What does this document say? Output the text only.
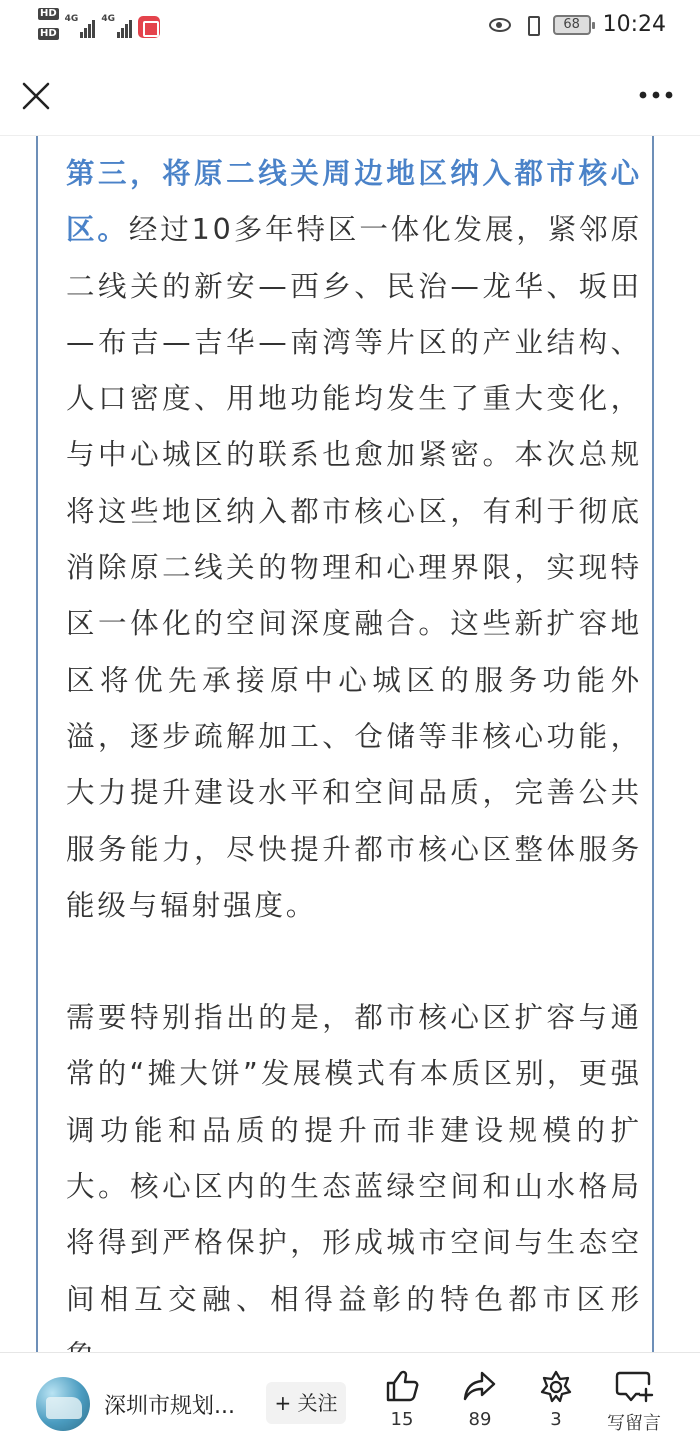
HD
HD
4G	4G	68	10:24

第三，将原二线关周边地区纳入都市核心区。经过10多年特区一体化发展，紧邻原二线关的新安—西乡、民治—龙华、坂田—布吉—吉华—南湾等片区的产业结构、人口密度、用地功能均发生了重大变化，与中心城区的联系也愈加紧密。本次总规将这些地区纳入都市核心区，有利于彻底消除原二线关的物理和心理界限，实现特区一体化的空间深度融合。这些新扩容地区将优先承接原中心城区的服务功能外溢，逐步疏解加工、仓储等非核心功能，大力提升建设水平和空间品质，完善公共服务能力，尽快提升都市核心区整体服务能级与辐射强度。

需要特别指出的是，都市核心区扩容与通常的“摊大饼”发展模式有本质区别，更强调功能和品质的提升而非建设规模的扩大。核心区内的生态蓝绿空间和山水格局将得到严格保护，形成城市空间与生态空间相互交融、相得益彰的特色都市区形

深圳市规划...	+ 关注
15	89	3	写留言
